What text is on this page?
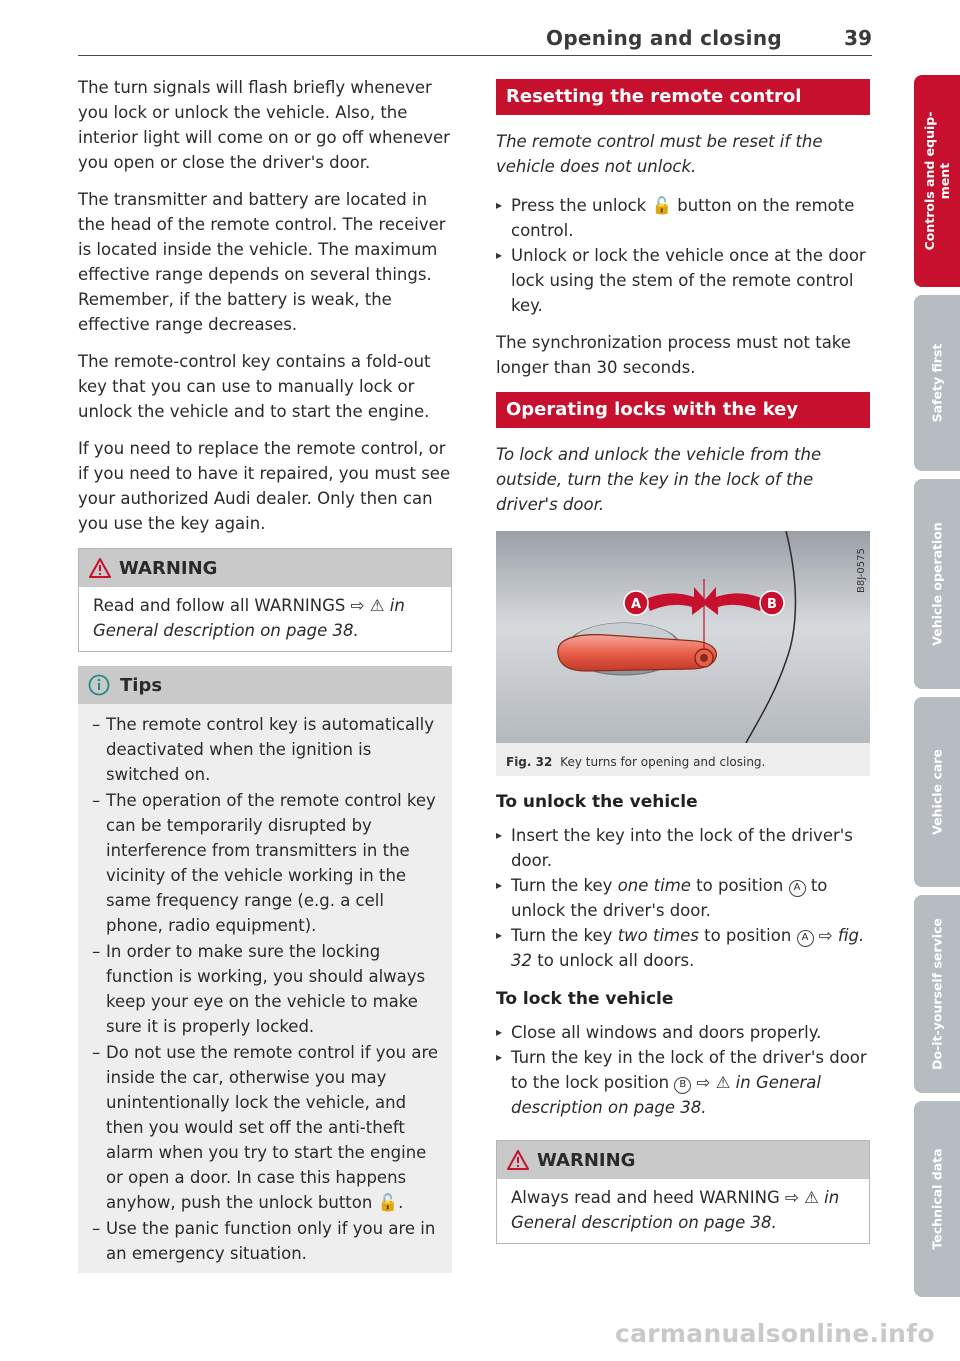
Opening and closing	39

The turn signals will flash briefly whenever you lock or unlock the vehicle. Also, the interior light will come on or go off whenever you open or close the driver's door.

The transmitter and battery are located in the head of the remote control. The receiver is located inside the vehicle. The maximum effective range depends on several things. Remember, if the battery is weak, the effective range decreases.

The remote-control key contains a fold-out key that you can use to manually lock or unlock the vehicle and to start the engine.

If you need to replace the remote control, or if you need to have it repaired, you must see your authorized Audi dealer. Only then can you use the key again.

WARNING
Read and follow all WARNINGS ⇨ ⚠ in General description on page 38.
Tips
– The remote control key is automatically deactivated when the ignition is switched on.
– The operation of the remote control key can be temporarily disrupted by interference from transmitters in the vicinity of the vehicle working in the same frequency range (e.g. a cell phone, radio equipment).
– In order to make sure the locking function is working, you should always keep your eye on the vehicle to make sure it is properly locked.
– Do not use the remote control if you are inside the car, otherwise you may unintentionally lock the vehicle, and then you would set off the anti-theft alarm when you try to start the engine or open a door. In case this happens anyhow, push the unlock button 🔓.
– Use the panic function only if you are in an emergency situation.
Resetting the remote control

The remote control must be reset if the vehicle does not unlock.

▸ Press the unlock 🔓 button on the remote control.
▸ Unlock or lock the vehicle once at the door lock using the stem of the remote control key.

The synchronization process must not take longer than 30 seconds.

Operating locks with the key

To lock and unlock the vehicle from the outside, turn the key in the lock of the driver's door.

A	B
B8J-0575
Fig. 32 Key turns for opening and closing.
To unlock the vehicle
▸ Insert the key into the lock of the driver's door.
▸ Turn the key one time to position A to unlock the driver's door.
▸ Turn the key two times to position A ⇨ fig. 32 to unlock all doors.
To lock the vehicle
▸ Close all windows and doors properly.
▸ Turn the key in the lock of the driver's door to the lock position B ⇨ ⚠ in General description on page 38.
WARNING
Always read and heed WARNING ⇨ ⚠ in General description on page 38.
Controls and equip-
ment
Safety first
Vehicle operation
Vehicle care
Do-it-yourself service
Technical data
carmanualsonline.info
